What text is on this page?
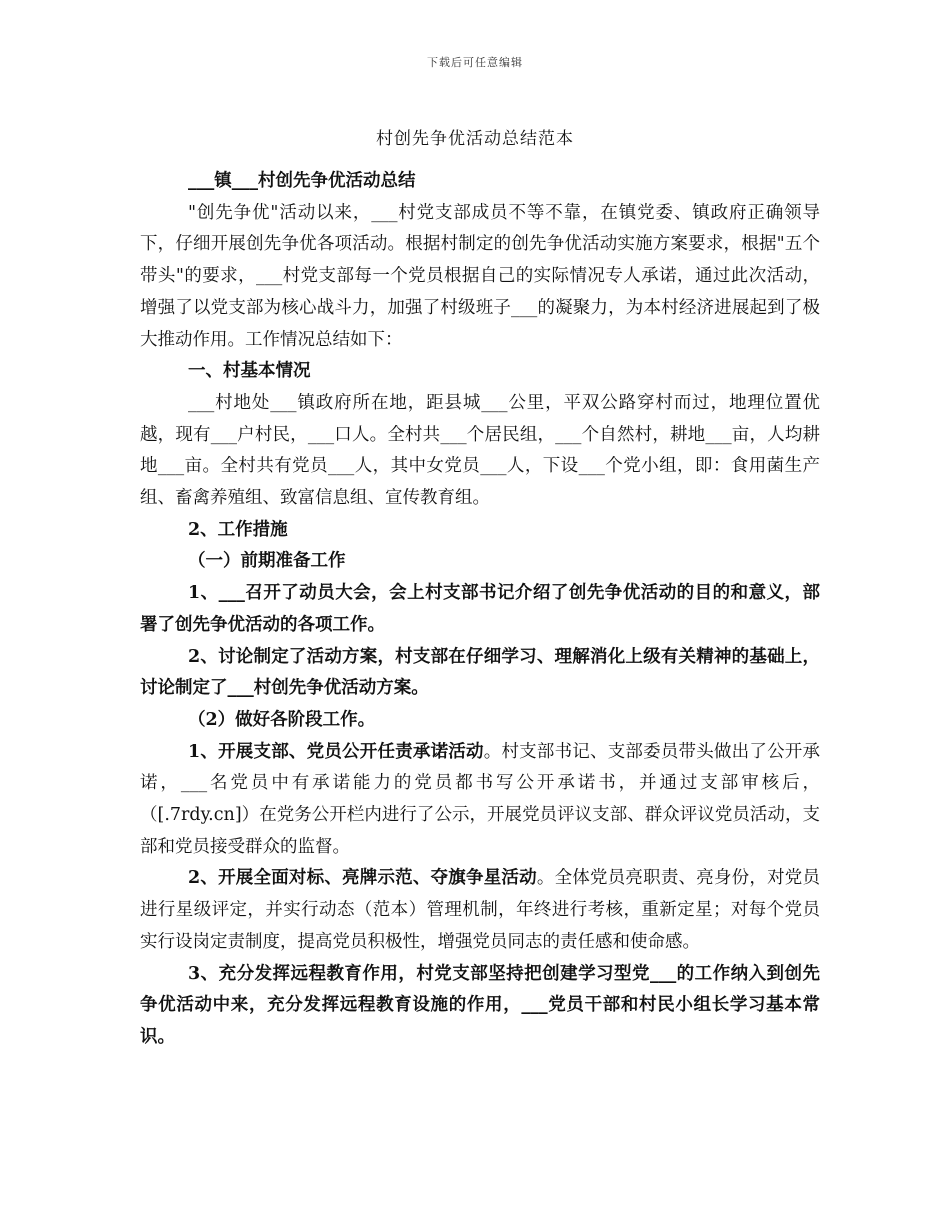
下载后可任意编辑
村创先争优活动总结范本

___镇___村创先争优活动总结

"创先争优"活动以来，___村党支部成员不等不靠，在镇党委、镇政府正确领导下，仔细开展创先争优各项活动。根据村制定的创先争优活动实施方案要求，根据"五个带头"的要求，___村党支部每一个党员根据自己的实际情况专人承诺，通过此次活动，增强了以党支部为核心战斗力，加强了村级班子___的凝聚力，为本村经济进展起到了极大推动作用。工作情况总结如下：

一、村基本情况

___村地处___镇政府所在地，距县城___公里，平双公路穿村而过，地理位置优越，现有___户村民，___口人。全村共___个居民组，___个自然村，耕地___亩，人均耕地___亩。全村共有党员___人，其中女党员___人，下设___个党小组，即：食用菌生产组、畜禽养殖组、致富信息组、宣传教育组。

2、工作措施

（一）前期准备工作

1、___召开了动员大会，会上村支部书记介绍了创先争优活动的目的和意义，部署了创先争优活动的各项工作。

2、讨论制定了活动方案，村支部在仔细学习、理解消化上级有关精神的基础上，讨论制定了___村创先争优活动方案。

（2）做好各阶段工作。

1、开展支部、党员公开任责承诺活动。村支部书记、支部委员带头做出了公开承诺，___名党员中有承诺能力的党员都书写公开承诺书，并通过支部审核后，（[.7rdy.cn]）在党务公开栏内进行了公示，开展党员评议支部、群众评议党员活动，支部和党员接受群众的监督。

2、开展全面对标、亮牌示范、夺旗争星活动。全体党员亮职责、亮身份，对党员进行星级评定，并实行动态（范本）管理机制，年终进行考核，重新定星；对每个党员实行设岗定责制度，提高党员积极性，增强党员同志的责任感和使命感。

3、充分发挥远程教育作用，村党支部坚持把创建学习型党___的工作纳入到创先争优活动中来，充分发挥远程教育设施的作用，___党员干部和村民小组长学习基本常识。
